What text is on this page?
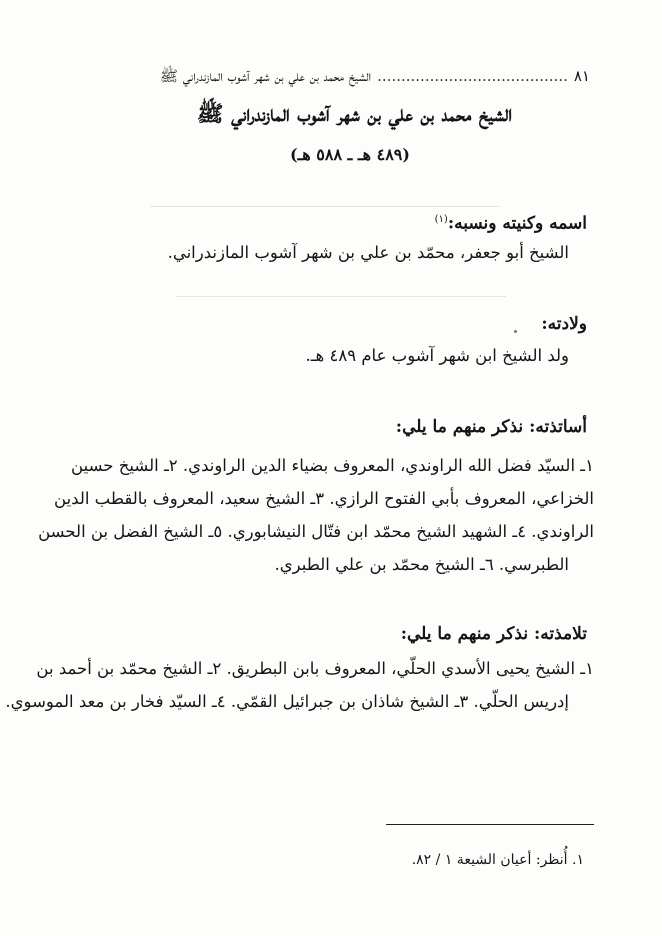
٨١........................................الشيخ محمد بن علي بن شهر آشوب المازندراني ﷺ
الشيخ محمد بن علي بن شهر آشوب المازندراني ﷺ
(٤٨٩ هـ ـ ٥٨٨ هـ)
اسمه وكنيته ونسبه:$^{(١)}$
الشيخ أبو جعفر، محمّد بن علي بن شهر آشوب المازندراني.
ولادته:
ولد الشيخ ابن شهر آشوب عام ٤٨٩ هـ.
أساتذته: نذكر منهم ما يلي:
١ـ السيّد فضل الله الراوندي، المعروف بضياء الدين الراوندي. ٢ـ الشيخ حسين
الخزاعي، المعروف بأبي الفتوح الرازي. ٣ـ الشيخ سعيد، المعروف بالقطب الدين
الراوندي. ٤ـ الشهيد الشيخ محمّد ابن فتّال النيشابوري. ٥ـ الشيخ الفضل بن الحسن
الطبرسي. ٦ـ الشيخ محمّد بن علي الطبري.
تلامذته: نذكر منهم ما يلي:
١ـ الشيخ يحيى الأسدي الحلّي، المعروف بابن البطريق. ٢ـ الشيخ محمّد بن أحمد بن
إدريس الحلّي. ٣ـ الشيخ شاذان بن جبرائيل القمّي. ٤ـ السيّد فخار بن معد الموسوي.
١. أُنظر: أعيان الشيعة ١ / ٨٢.
